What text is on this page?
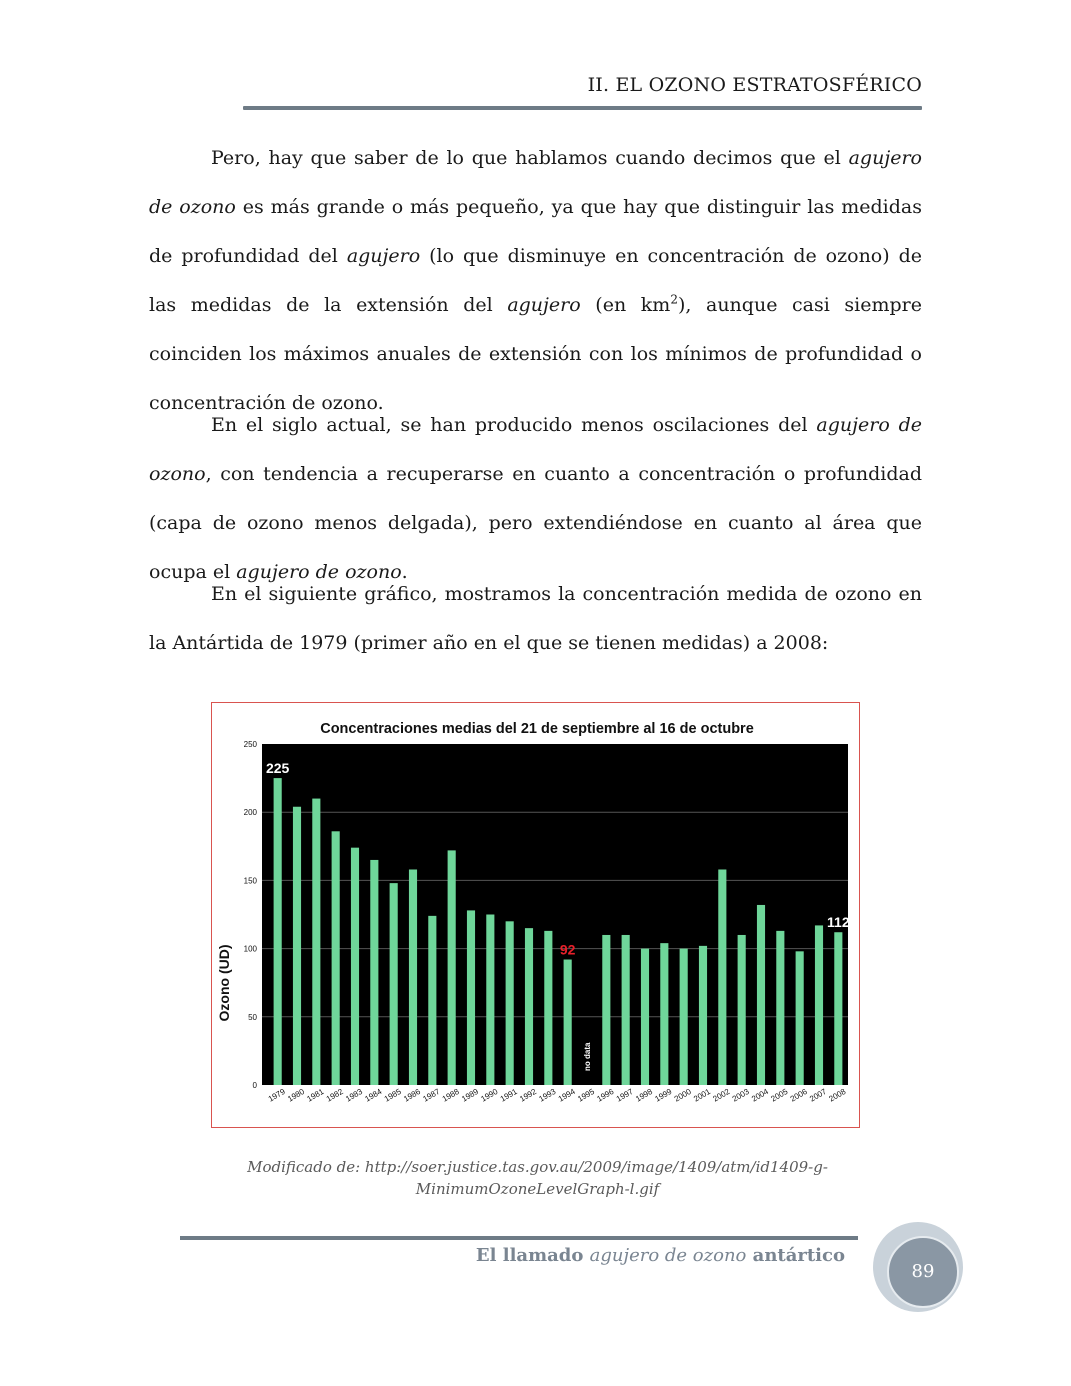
II. EL OZONO ESTRATOSFÉRICO

Pero, hay que saber de lo que hablamos cuando decimos que el agujero de ozono es más grande o más pequeño, ya que hay que distinguir las medidas de profundidad del agujero (lo que disminuye en concentración de ozono) de las medidas de la extensión del agujero (en $km^2$), aunque casi siempre coinciden los máximos anuales de extensión con los mínimos de profundidad o concentración de ozono.

En el siglo actual, se han producido menos oscilaciones del agujero de ozono, con tendencia a recuperarse en cuanto a concentración o profundidad (capa de ozono menos delgada), pero extendiéndose en cuanto al área que ocupa el agujero de ozono.

En el siguiente gráfico, mostramos la concentración medida de ozono en la Antártida de 1979 (primer año en el que se tienen medidas) a 2008:

Concentraciones medias del 21 de septiembre al 16 de octubre
Ozono (UD)
0
50
100
150
200
250
1979 1980 1981 1982 1983 1984 1985 1986 1987 1988 1989 1990 1991 1992 1993 1994
no data
1995 1996 1997 1998 1999 2000 2001 2002 2003 2004 2005 2006 2007 2008
225
92
112
Modificado de: http://soer.justice.tas.gov.au/2009/image/1409/atm/id1409-g-
MinimumOzoneLevelGraph-l.gif
El llamado agujero de ozono antártico
89
